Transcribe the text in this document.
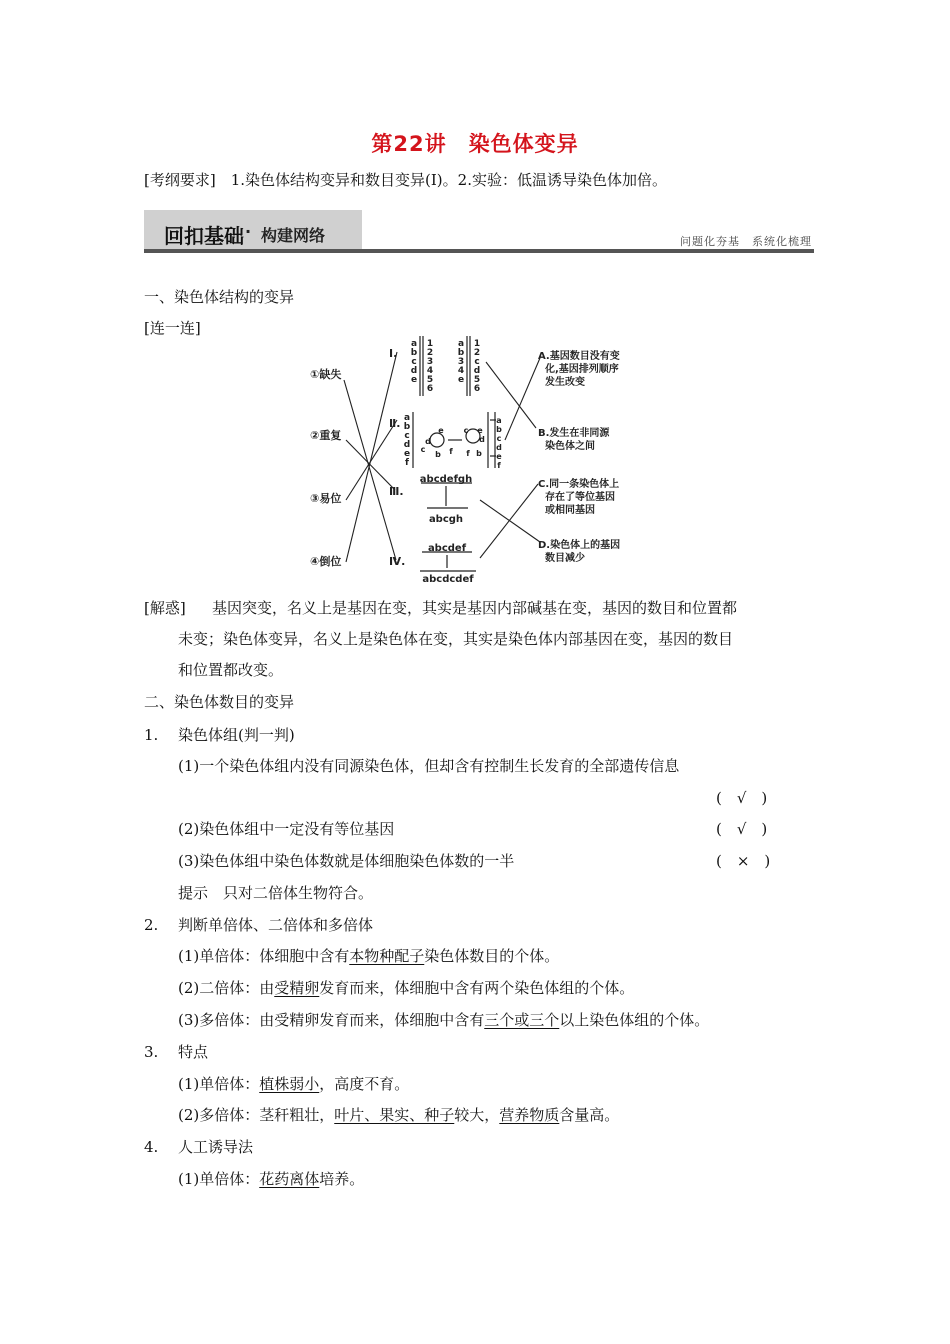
第22讲　染色体变异
[考纲要求]　1.染色体结构变异和数目变异(Ⅰ)。2.实验：低温诱导染色体加倍。
回扣基础 · 构建网络	问题化夯基　系统化梳理
一、染色体结构的变异
[连一连]
①缺失
②重复
③易位
④倒位
Ⅰ.
Ⅱ.
Ⅲ.
Ⅳ.
a
b
c
d
e
1
2
3
4
5
6
a
b
3
4
e
1
2
c
d
5
6
a
b
c
d
e
f
d
e
c
b f
c e
f b
d
a
b
c
d
e
f
abcdefgh
abcgh
abcdef
abcdcdef
A.基因数目没有变
化,基因排列顺序
发生改变
B.发生在非同源
染色体之间
C.同一条染色体上
存在了等位基因
或相同基因
D.染色体上的基因
数目减少
[解惑] 基因突变，名义上是基因在变，其实是基因内部碱基在变，基因的数目和位置都
未变；染色体变异，名义上是染色体在变，其实是染色体内部基因在变，基因的数目
和位置都改变。
二、染色体数目的变异
1. 染色体组(判一判)
(1)一个染色体组内没有同源染色体，但却含有控制生长发育的全部遗传信息
(　√　)
(2)染色体组中一定没有等位基因	(　√　)
(3)染色体组中染色体数就是体细胞染色体数的一半	(　×　)
提示　只对二倍体生物符合。
2. 判断单倍体、二倍体和多倍体
(1)单倍体：体细胞中含有本物种配子染色体数目的个体。
(2)二倍体：由受精卵发育而来，体细胞中含有两个染色体组的个体。
(3)多倍体：由受精卵发育而来，体细胞中含有三个或三个以上染色体组的个体。
3. 特点
(1)单倍体：植株弱小，高度不育。
(2)多倍体：茎秆粗壮，叶片、果实、种子较大，营养物质含量高。
4. 人工诱导法
(1)单倍体：花药离体培养。
